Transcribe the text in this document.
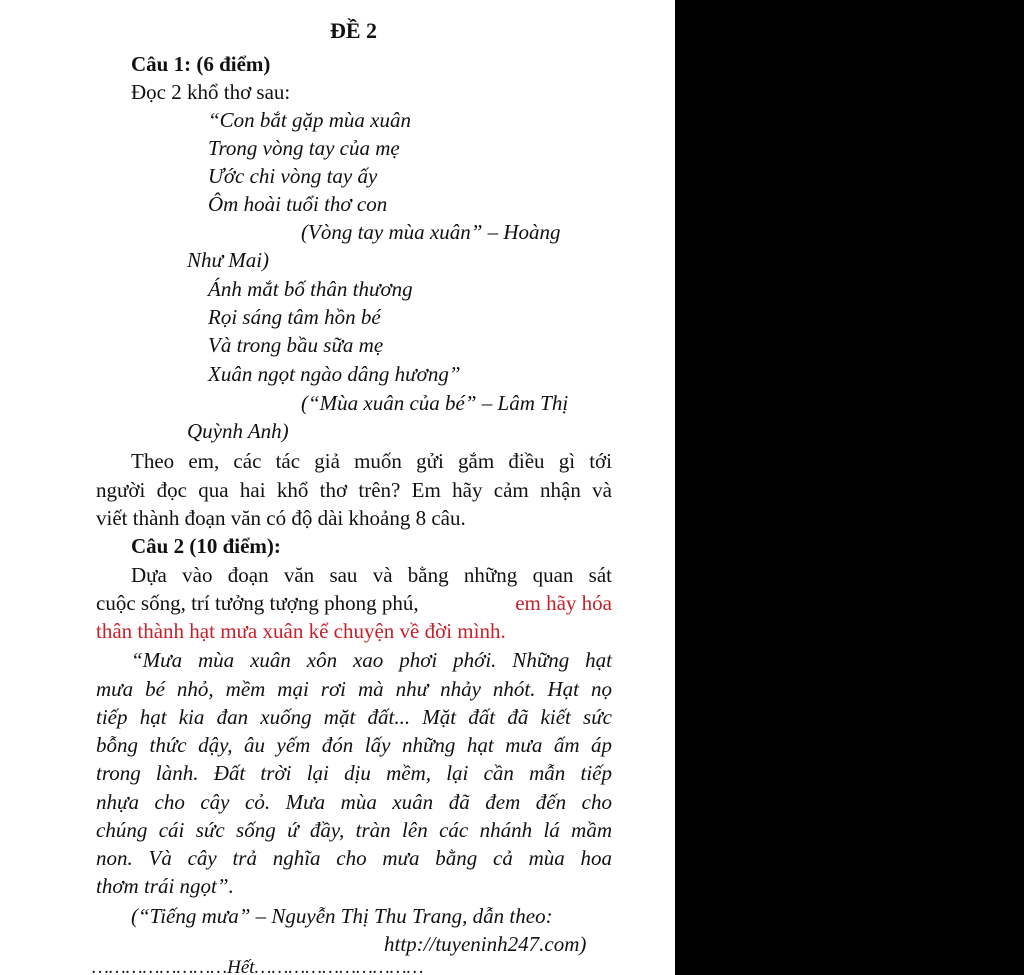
ĐỀ 2
Câu 1: (6 điểm)
Đọc 2 khổ thơ sau:
“Con bắt gặp mùa xuân
Trong vòng tay của mẹ
Ước chi vòng tay ấy
Ôm hoài tuổi thơ con
(Vòng tay mùa xuân” – Hoàng
Như Mai)
Ánh mắt bố thân thương
Rọi sáng tâm hồn bé
Và trong bầu sữa mẹ
Xuân ngọt ngào dâng hương”
(“Mùa xuân của bé” – Lâm Thị
Quỳnh Anh)
Theo em, các tác giả muốn gửi gắm điều gì tới
người đọc qua hai khổ thơ trên? Em hãy cảm nhận và
viết thành đoạn văn có độ dài khoảng 8 câu.
Câu 2 (10 điểm):
Dựa vào đoạn văn sau và bằng những quan sát
cuộc sống, trí tưởng tượng phong phú,	em hãy hóa
thân thành hạt mưa xuân kể chuyện về đời mình.
“Mưa mùa xuân xôn xao phơi phới. Những hạt
mưa bé nhỏ, mềm mại rơi mà như nhảy nhót. Hạt nọ
tiếp hạt kia đan xuống mặt đất... Mặt đất đã kiết sức
bỗng thức dậy, âu yếm đón lấy những hạt mưa ấm áp
trong lành. Đất trời lại dịu mềm, lại cần mẫn tiếp
nhựa cho cây cỏ. Mưa mùa xuân đã đem đến cho
chúng cái sức sống ứ đầy, tràn lên các nhánh lá mầm
non. Và cây trả nghĩa cho mưa bằng cả mùa hoa
thơm trái ngọt”.
(“Tiếng mưa” – Nguyễn Thị Thu Trang, dẫn theo:
http://tuyeninh247.com)
……………………Hết…………………………
